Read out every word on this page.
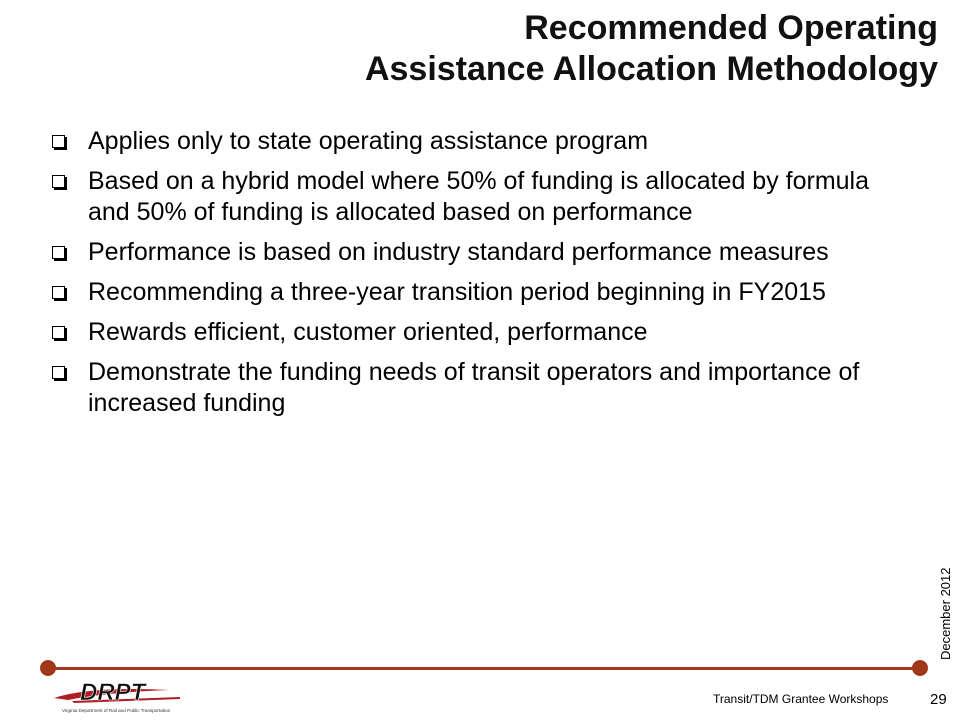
Recommended Operating
Assistance Allocation Methodology
Applies only to state operating assistance program
Based on a hybrid model where 50% of funding is allocated by formula and 50% of funding is allocated based on performance
Performance is based on industry standard performance measures
Recommending a three-year transition period beginning in FY2015
Rewards efficient, customer oriented, performance
Demonstrate the funding needs of transit operators and importance of increased funding
December 2012
DRPT
Virginia Department of Rail and Public Transportation
Transit/TDM Grantee Workshops	29
